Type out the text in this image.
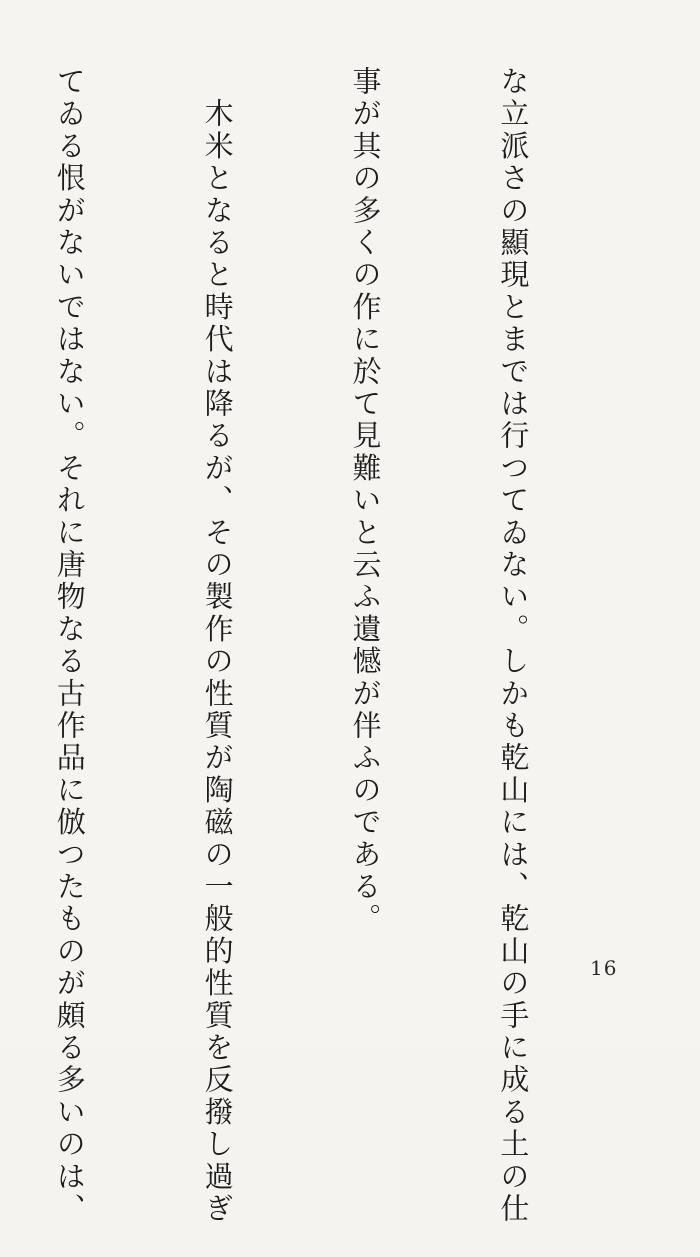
な立派さの顯現とまでは行つてゐない。しかも乾山には、乾山の手に成る土の仕

事が其の多くの作に於て見難いと云ふ遺憾が伴ふのである。

　木米となると時代は降るが、その製作の性質が陶磁の一般的性質を反撥し過ぎ

てゐる恨がないではない。それに唐物なる古作品に倣つたものが頗る多いのは、

	16
